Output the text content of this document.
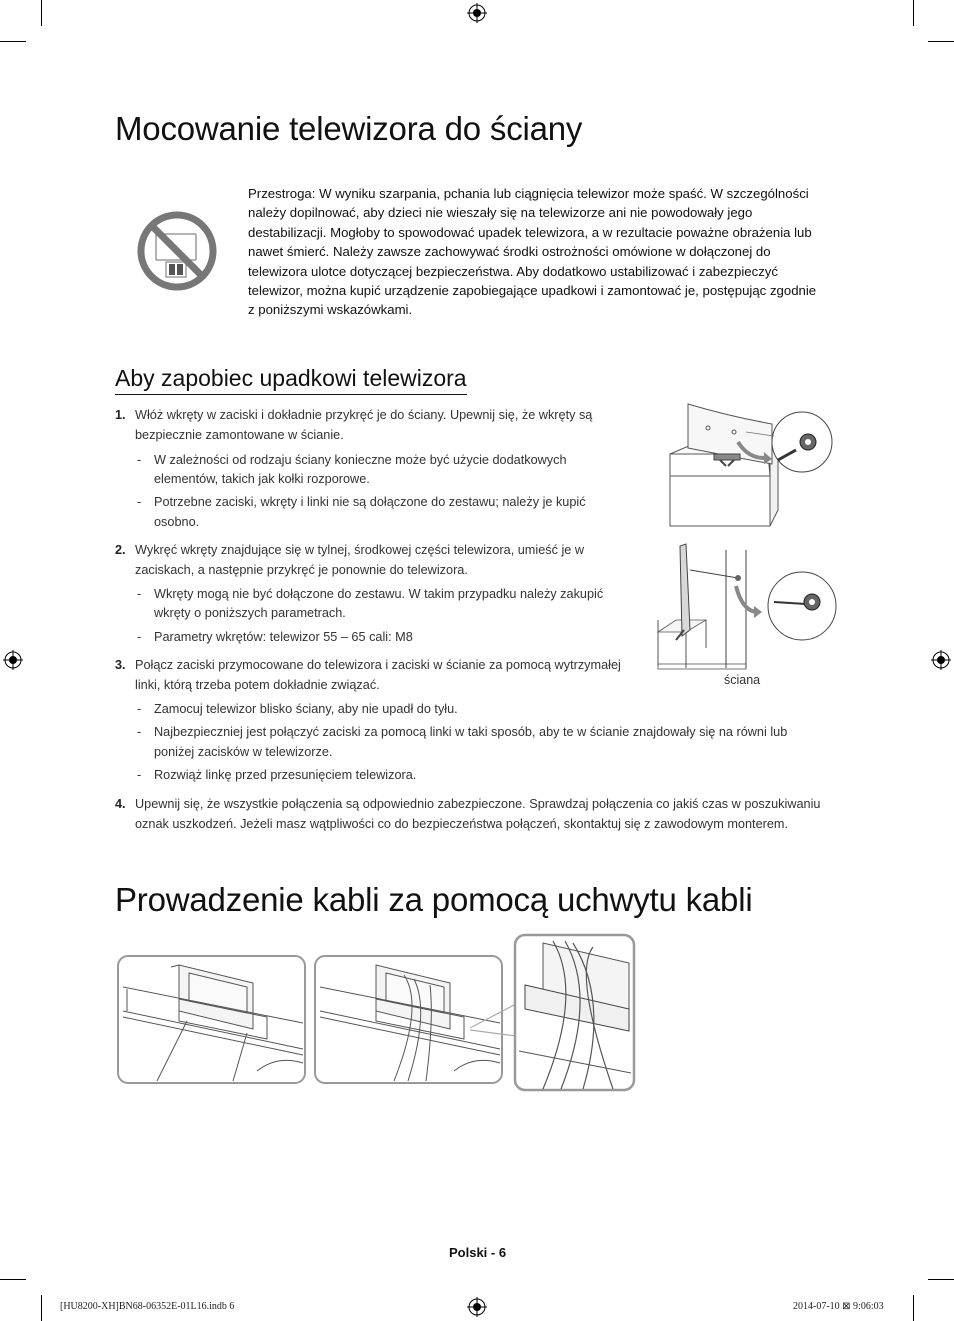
Mocowanie telewizora do ściany
Przestroga: W wyniku szarpania, pchania lub ciągnięcia telewizor może spaść. W szczególności należy dopilnować, aby dzieci nie wieszały się na telewizorze ani nie powodowały jego destabilizacji. Mogłoby to spowodować upadek telewizora, a w rezultacie poważne obrażenia lub nawet śmierć. Należy zawsze zachowywać środki ostrożności omówione w dołączonej do telewizora ulotce dotyczącej bezpieczeństwa. Aby dodatkowo ustabilizować i zabezpieczyć telewizor, można kupić urządzenie zapobiegające upadkowi i zamontować je, postępując zgodnie z poniższymi wskazówkami.
Aby zapobiec upadkowi telewizora
1. Włóż wkręty w zaciski i dokładnie przykręć je do ściany. Upewnij się, że wkręty są
bezpiecznie zamontowane w ścianie.
- W zależności od rodzaju ściany konieczne może być użycie dodatkowych
elementów, takich jak kołki rozporowe.
- Potrzebne zaciski, wkręty i linki nie są dołączone do zestawu; należy je kupić
osobno.
2. Wykręć wkręty znajdujące się w tylnej, środkowej części telewizora, umieść je w
zaciskach, a następnie przykręć je ponownie do telewizora.
- Wkręty mogą nie być dołączone do zestawu. W takim przypadku należy zakupić
wkręty o poniższych parametrach.
- Parametry wkrętów: telewizor 55 – 65 cali: M8
3. Połącz zaciski przymocowane do telewizora i zaciski w ścianie za pomocą wytrzymałej
linki, którą trzeba potem dokładnie związać.
- Zamocuj telewizor blisko ściany, aby nie upadł do tyłu.
- Najbezpieczniej jest połączyć zaciski za pomocą linki w taki sposób, aby te w ścianie znajdowały się na równi lub
poniżej zacisków w telewizorze.
- Rozwiąż linkę przed przesunięciem telewizora.
4. Upewnij się, że wszystkie połączenia są odpowiednio zabezpieczone. Sprawdzaj połączenia co jakiś czas w poszukiwaniu
oznak uszkodzeń. Jeżeli masz wątpliwości co do bezpieczeństwa połączeń, skontaktuj się z zawodowym monterem.
ściana
Prowadzenie kabli za pomocą uchwytu kabli
Polski - 6
[HU8200-XH]BN68-06352E-01L16.indb 6	2014-07-10 ⊠ 9:06:03
